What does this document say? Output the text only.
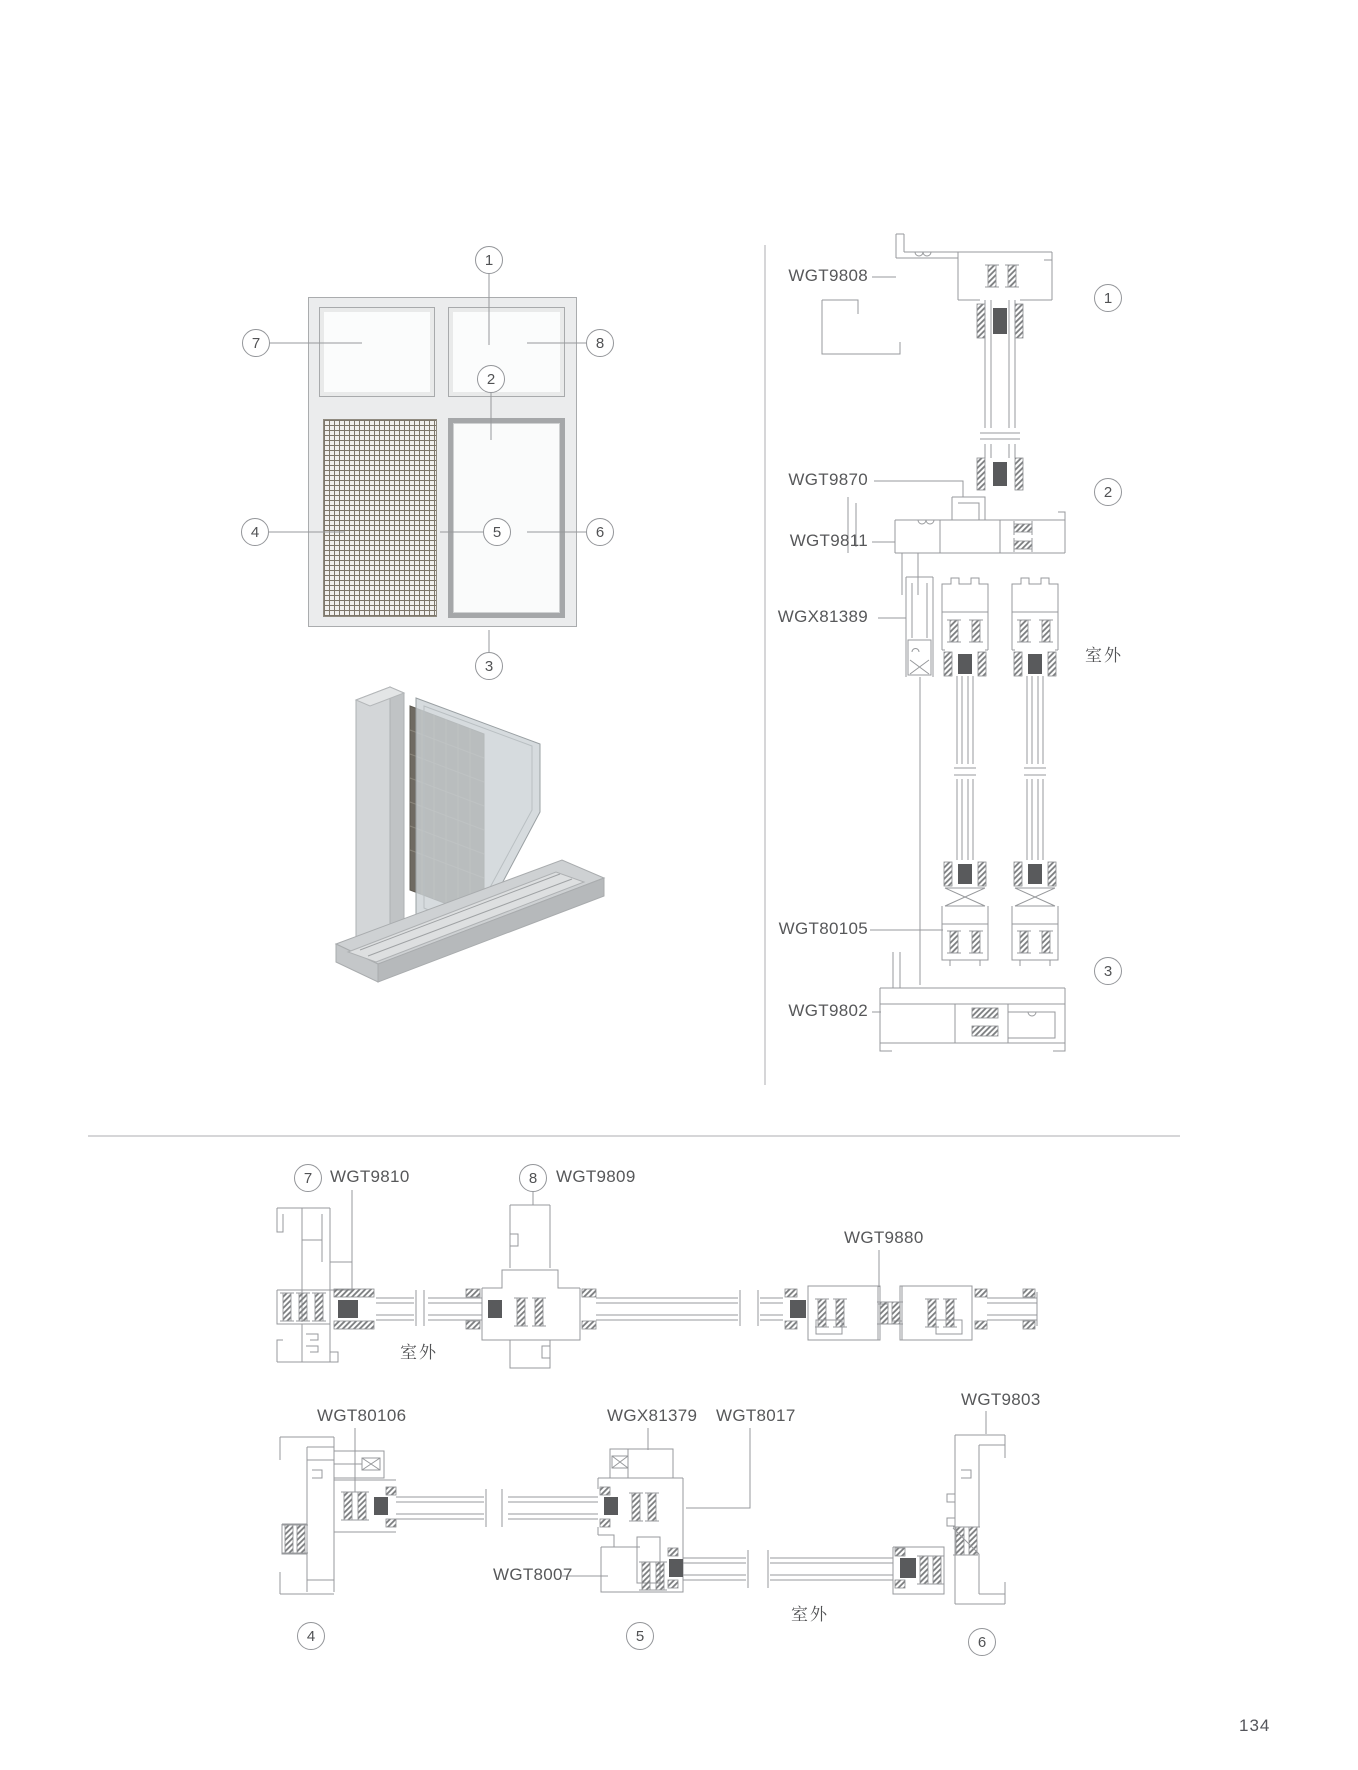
1
2
3
4	5	6
7	8
WGT9808
WGT9870
WGT9811
WGX81389
WGT80105
WGT9802
1
2
3
室外
7 WGT9810	8 WGT9809
WGT9880
室外
WGT80106	WGX81379 WGT8017
WGT9803
WGT8007
4	5	6
室外
134
